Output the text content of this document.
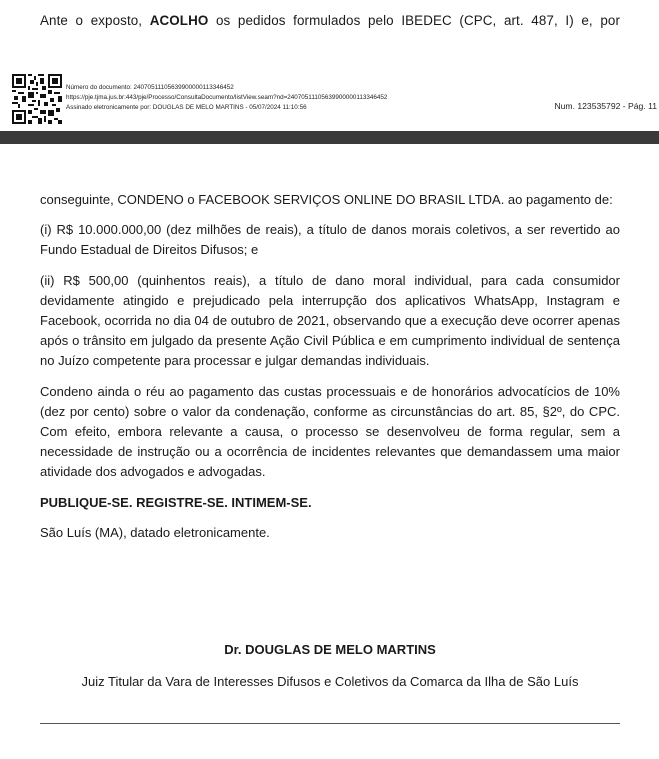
Ante o exposto, ACOLHO os pedidos formulados pelo IBEDEC (CPC, art. 487, I) e, por
Número do documento: 24070511105639900000113346452
https://pje.tjma.jus.br:443/pje/Processo/ConsultaDocumento/listView.seam?nd=24070511105639900000113346452
Assinado eletronicamente por: DOUGLAS DE MELO MARTINS - 05/07/2024 11:10:56	Num. 123535792 - Pág. 11

conseguinte, CONDENO o FACEBOOK SERVIÇOS ONLINE DO BRASIL LTDA. ao pagamento de:

(i) R$ 10.000.000,00 (dez milhões de reais), a título de danos morais coletivos, a ser revertido ao Fundo Estadual de Direitos Difusos; e

(ii) R$ 500,00 (quinhentos reais), a título de dano moral individual, para cada consumidor devidamente atingido e prejudicado pela interrupção dos aplicativos WhatsApp, Instagram e Facebook, ocorrida no dia 04 de outubro de 2021, observando que a execução deve ocorrer apenas após o trânsito em julgado da presente Ação Civil Pública e em cumprimento individual de sentença no Juízo competente para processar e julgar demandas individuais.

Condeno ainda o réu ao pagamento das custas processuais e de honorários advocatícios de 10% (dez por cento) sobre o valor da condenação, conforme as circunstâncias do art. 85, §2º, do CPC. Com efeito, embora relevante a causa, o processo se desenvolveu de forma regular, sem a necessidade de instrução ou a ocorrência de incidentes relevantes que demandassem uma maior atividade dos advogados e advogadas.

PUBLIQUE-SE. REGISTRE-SE. INTIMEM-SE.

São Luís (MA), datado eletronicamente.

Dr. DOUGLAS DE MELO MARTINS
Juiz Titular da Vara de Interesses Difusos e Coletivos da Comarca da Ilha de São Luís
